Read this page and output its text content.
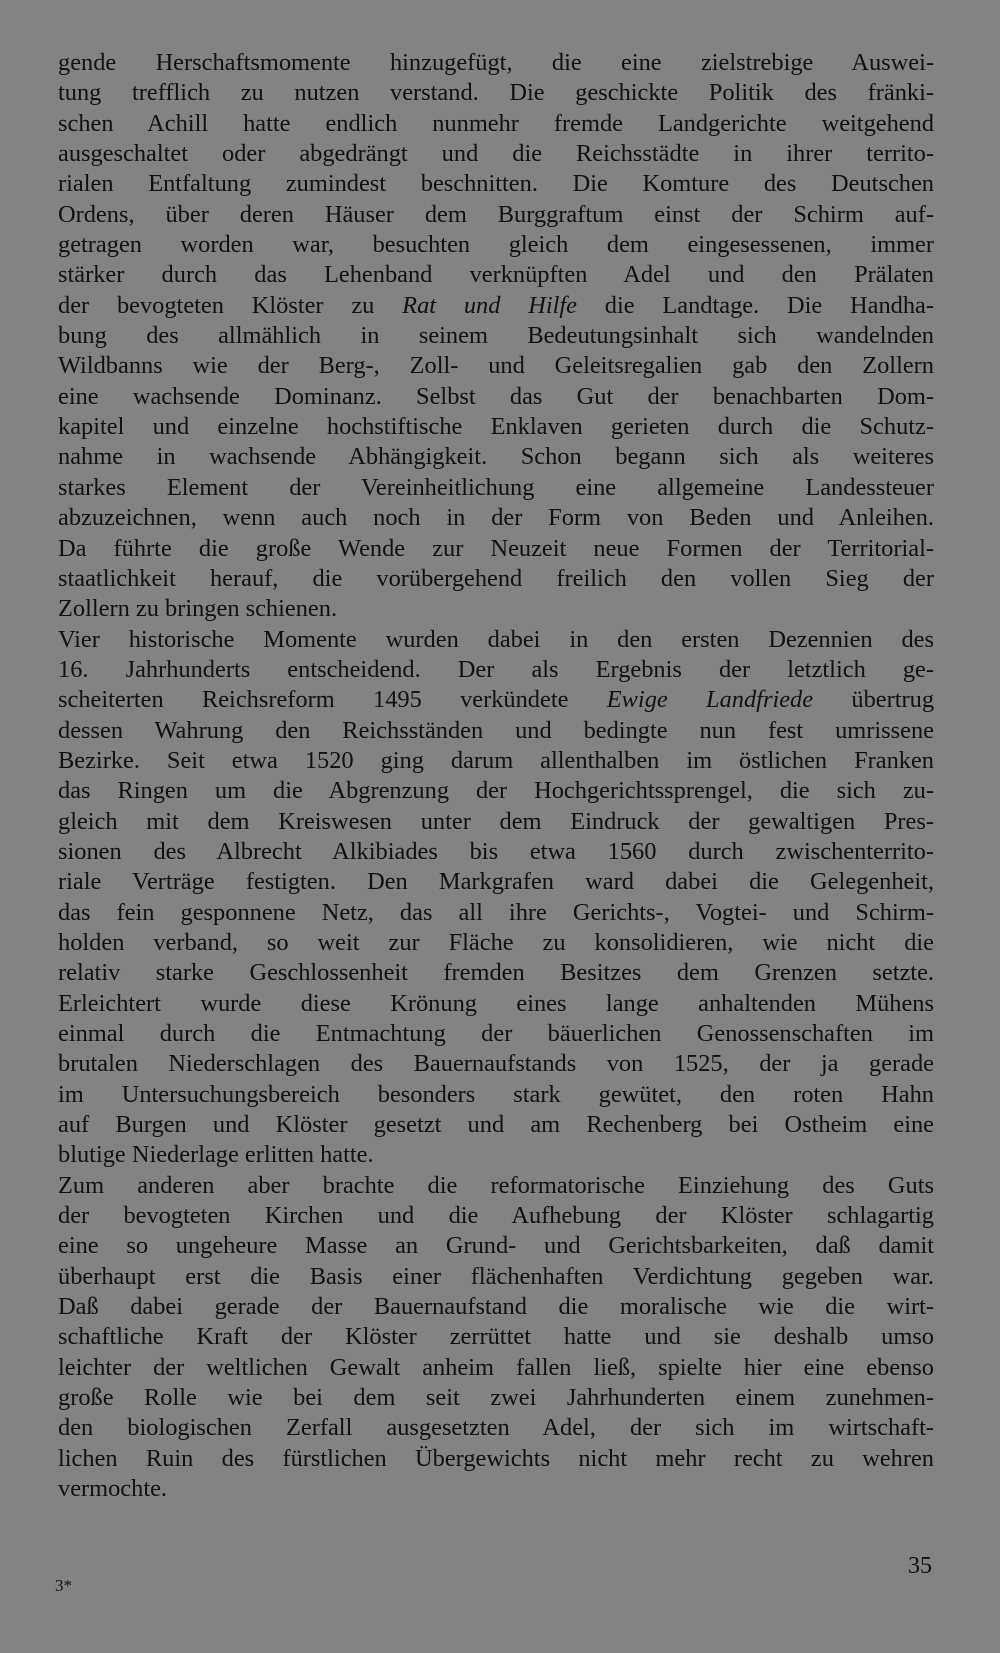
gende Herschaftsmomente hinzugefügt, die eine zielstrebige Auswei-
tung trefflich zu nutzen verstand. Die geschickte Politik des fränki-
schen Achill hatte endlich nunmehr fremde Landgerichte weitgehend
ausgeschaltet oder abgedrängt und die Reichsstädte in ihrer territo-
rialen Entfaltung zumindest beschnitten. Die Komture des Deutschen
Ordens, über deren Häuser dem Burggraftum einst der Schirm auf-
getragen worden war, besuchten gleich dem eingesessenen, immer
stärker durch das Lehenband verknüpften Adel und den Prälaten
der bevogteten Klöster zu Rat und Hilfe die Landtage. Die Handha-
bung des allmählich in seinem Bedeutungsinhalt sich wandelnden
Wildbanns wie der Berg-, Zoll- und Geleitsregalien gab den Zollern
eine wachsende Dominanz. Selbst das Gut der benachbarten Dom-
kapitel und einzelne hochstiftische Enklaven gerieten durch die Schutz-
nahme in wachsende Abhängigkeit. Schon begann sich als weiteres
starkes Element der Vereinheitlichung eine allgemeine Landessteuer
abzuzeichnen, wenn auch noch in der Form von Beden und Anleihen.
Da führte die große Wende zur Neuzeit neue Formen der Territorial-
staatlichkeit herauf, die vorübergehend freilich den vollen Sieg der
Zollern zu bringen schienen.

Vier historische Momente wurden dabei in den ersten Dezennien des
16. Jahrhunderts entscheidend. Der als Ergebnis der letztlich ge-
scheiterten Reichsreform 1495 verkündete Ewige Landfriede übertrug
dessen Wahrung den Reichsständen und bedingte nun fest umrissene
Bezirke. Seit etwa 1520 ging darum allenthalben im östlichen Franken
das Ringen um die Abgrenzung der Hochgerichtssprengel, die sich zu-
gleich mit dem Kreiswesen unter dem Eindruck der gewaltigen Pres-
sionen des Albrecht Alkibiades bis etwa 1560 durch zwischenterrito-
riale Verträge festigten. Den Markgrafen ward dabei die Gelegenheit,
das fein gesponnene Netz, das all ihre Gerichts-, Vogtei- und Schirm-
holden verband, so weit zur Fläche zu konsolidieren, wie nicht die
relativ starke Geschlossenheit fremden Besitzes dem Grenzen setzte.
Erleichtert wurde diese Krönung eines lange anhaltenden Mühens
einmal durch die Entmachtung der bäuerlichen Genossenschaften im
brutalen Niederschlagen des Bauernaufstands von 1525, der ja gerade
im Untersuchungsbereich besonders stark gewütet, den roten Hahn
auf Burgen und Klöster gesetzt und am Rechenberg bei Ostheim eine
blutige Niederlage erlitten hatte.

Zum anderen aber brachte die reformatorische Einziehung des Guts
der bevogteten Kirchen und die Aufhebung der Klöster schlagartig
eine so ungeheure Masse an Grund- und Gerichtsbarkeiten, daß damit
überhaupt erst die Basis einer flächenhaften Verdichtung gegeben war.
Daß dabei gerade der Bauernaufstand die moralische wie die wirt-
schaftliche Kraft der Klöster zerrüttet hatte und sie deshalb umso
leichter der weltlichen Gewalt anheim fallen ließ, spielte hier eine ebenso
große Rolle wie bei dem seit zwei Jahrhunderten einem zunehmen-
den biologischen Zerfall ausgesetzten Adel, der sich im wirtschaft-
lichen Ruin des fürstlichen Übergewichts nicht mehr recht zu wehren
vermochte.

35
3*
